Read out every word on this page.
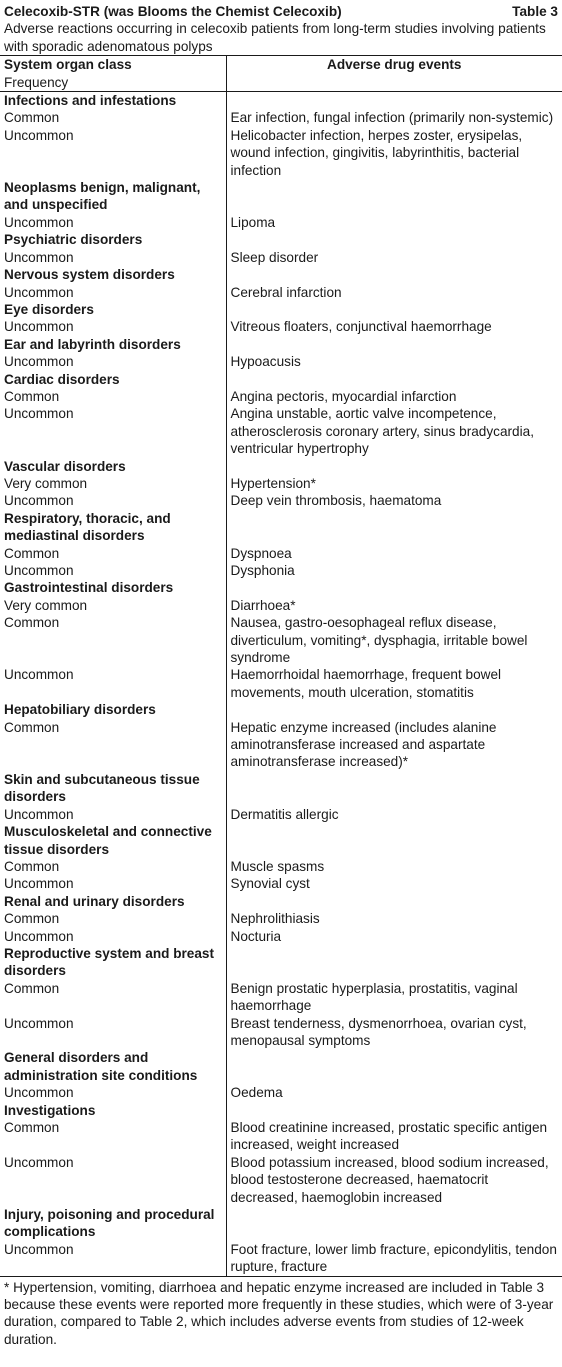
Celecoxib-STR (was Blooms the Chemist Celecoxib)	Table 3
Adverse reactions occurring in celecoxib patients from long-term studies involving patients with sporadic adenomatous polyps
System organ class
Frequency	Adverse drug events
Infections and infestations	
Common	Ear infection, fungal infection (primarily non-systemic)
Uncommon	Helicobacter infection, herpes zoster, erysipelas, wound infection, gingivitis, labyrinthitis, bacterial infection
Neoplasms benign, malignant, and unspecified	
Uncommon	Lipoma
Psychiatric disorders	
Uncommon	Sleep disorder
Nervous system disorders	
Uncommon	Cerebral infarction
Eye disorders	
Uncommon	Vitreous floaters, conjunctival haemorrhage
Ear and labyrinth disorders	
Uncommon	Hypoacusis
Cardiac disorders	
Common	Angina pectoris, myocardial infarction
Uncommon	Angina unstable, aortic valve incompetence, atherosclerosis coronary artery, sinus bradycardia, ventricular hypertrophy
Vascular disorders	
Very common	Hypertension*
Uncommon	Deep vein thrombosis, haematoma
Respiratory, thoracic, and mediastinal disorders	
Common	Dyspnoea
Uncommon	Dysphonia
Gastrointestinal disorders	
Very common	Diarrhoea*
Common	Nausea, gastro-oesophageal reflux disease, diverticulum, vomiting*, dysphagia, irritable bowel syndrome
Uncommon	Haemorrhoidal haemorrhage, frequent bowel movements, mouth ulceration, stomatitis
Hepatobiliary disorders	
Common	Hepatic enzyme increased (includes alanine aminotransferase increased and aspartate aminotransferase increased)*
Skin and subcutaneous tissue disorders	
Uncommon	Dermatitis allergic
Musculoskeletal and connective tissue disorders	
Common	Muscle spasms
Uncommon	Synovial cyst
Renal and urinary disorders	
Common	Nephrolithiasis
Uncommon	Nocturia
Reproductive system and breast disorders	
Common	Benign prostatic hyperplasia, prostatitis, vaginal haemorrhage
Uncommon	Breast tenderness, dysmenorrhoea, ovarian cyst, menopausal symptoms
General disorders and administration site conditions	
Uncommon	Oedema
Investigations	
Common	Blood creatinine increased, prostatic specific antigen increased, weight increased
Uncommon	Blood potassium increased, blood sodium increased, blood testosterone decreased, haematocrit decreased, haemoglobin increased
Injury, poisoning and procedural complications	
Uncommon	Foot fracture, lower limb fracture, epicondylitis, tendon rupture, fracture
* Hypertension, vomiting, diarrhoea and hepatic enzyme increased are included in Table 3 because these events were reported more frequently in these studies, which were of 3-year duration, compared to Table 2, which includes adverse events from studies of 12-week duration.
